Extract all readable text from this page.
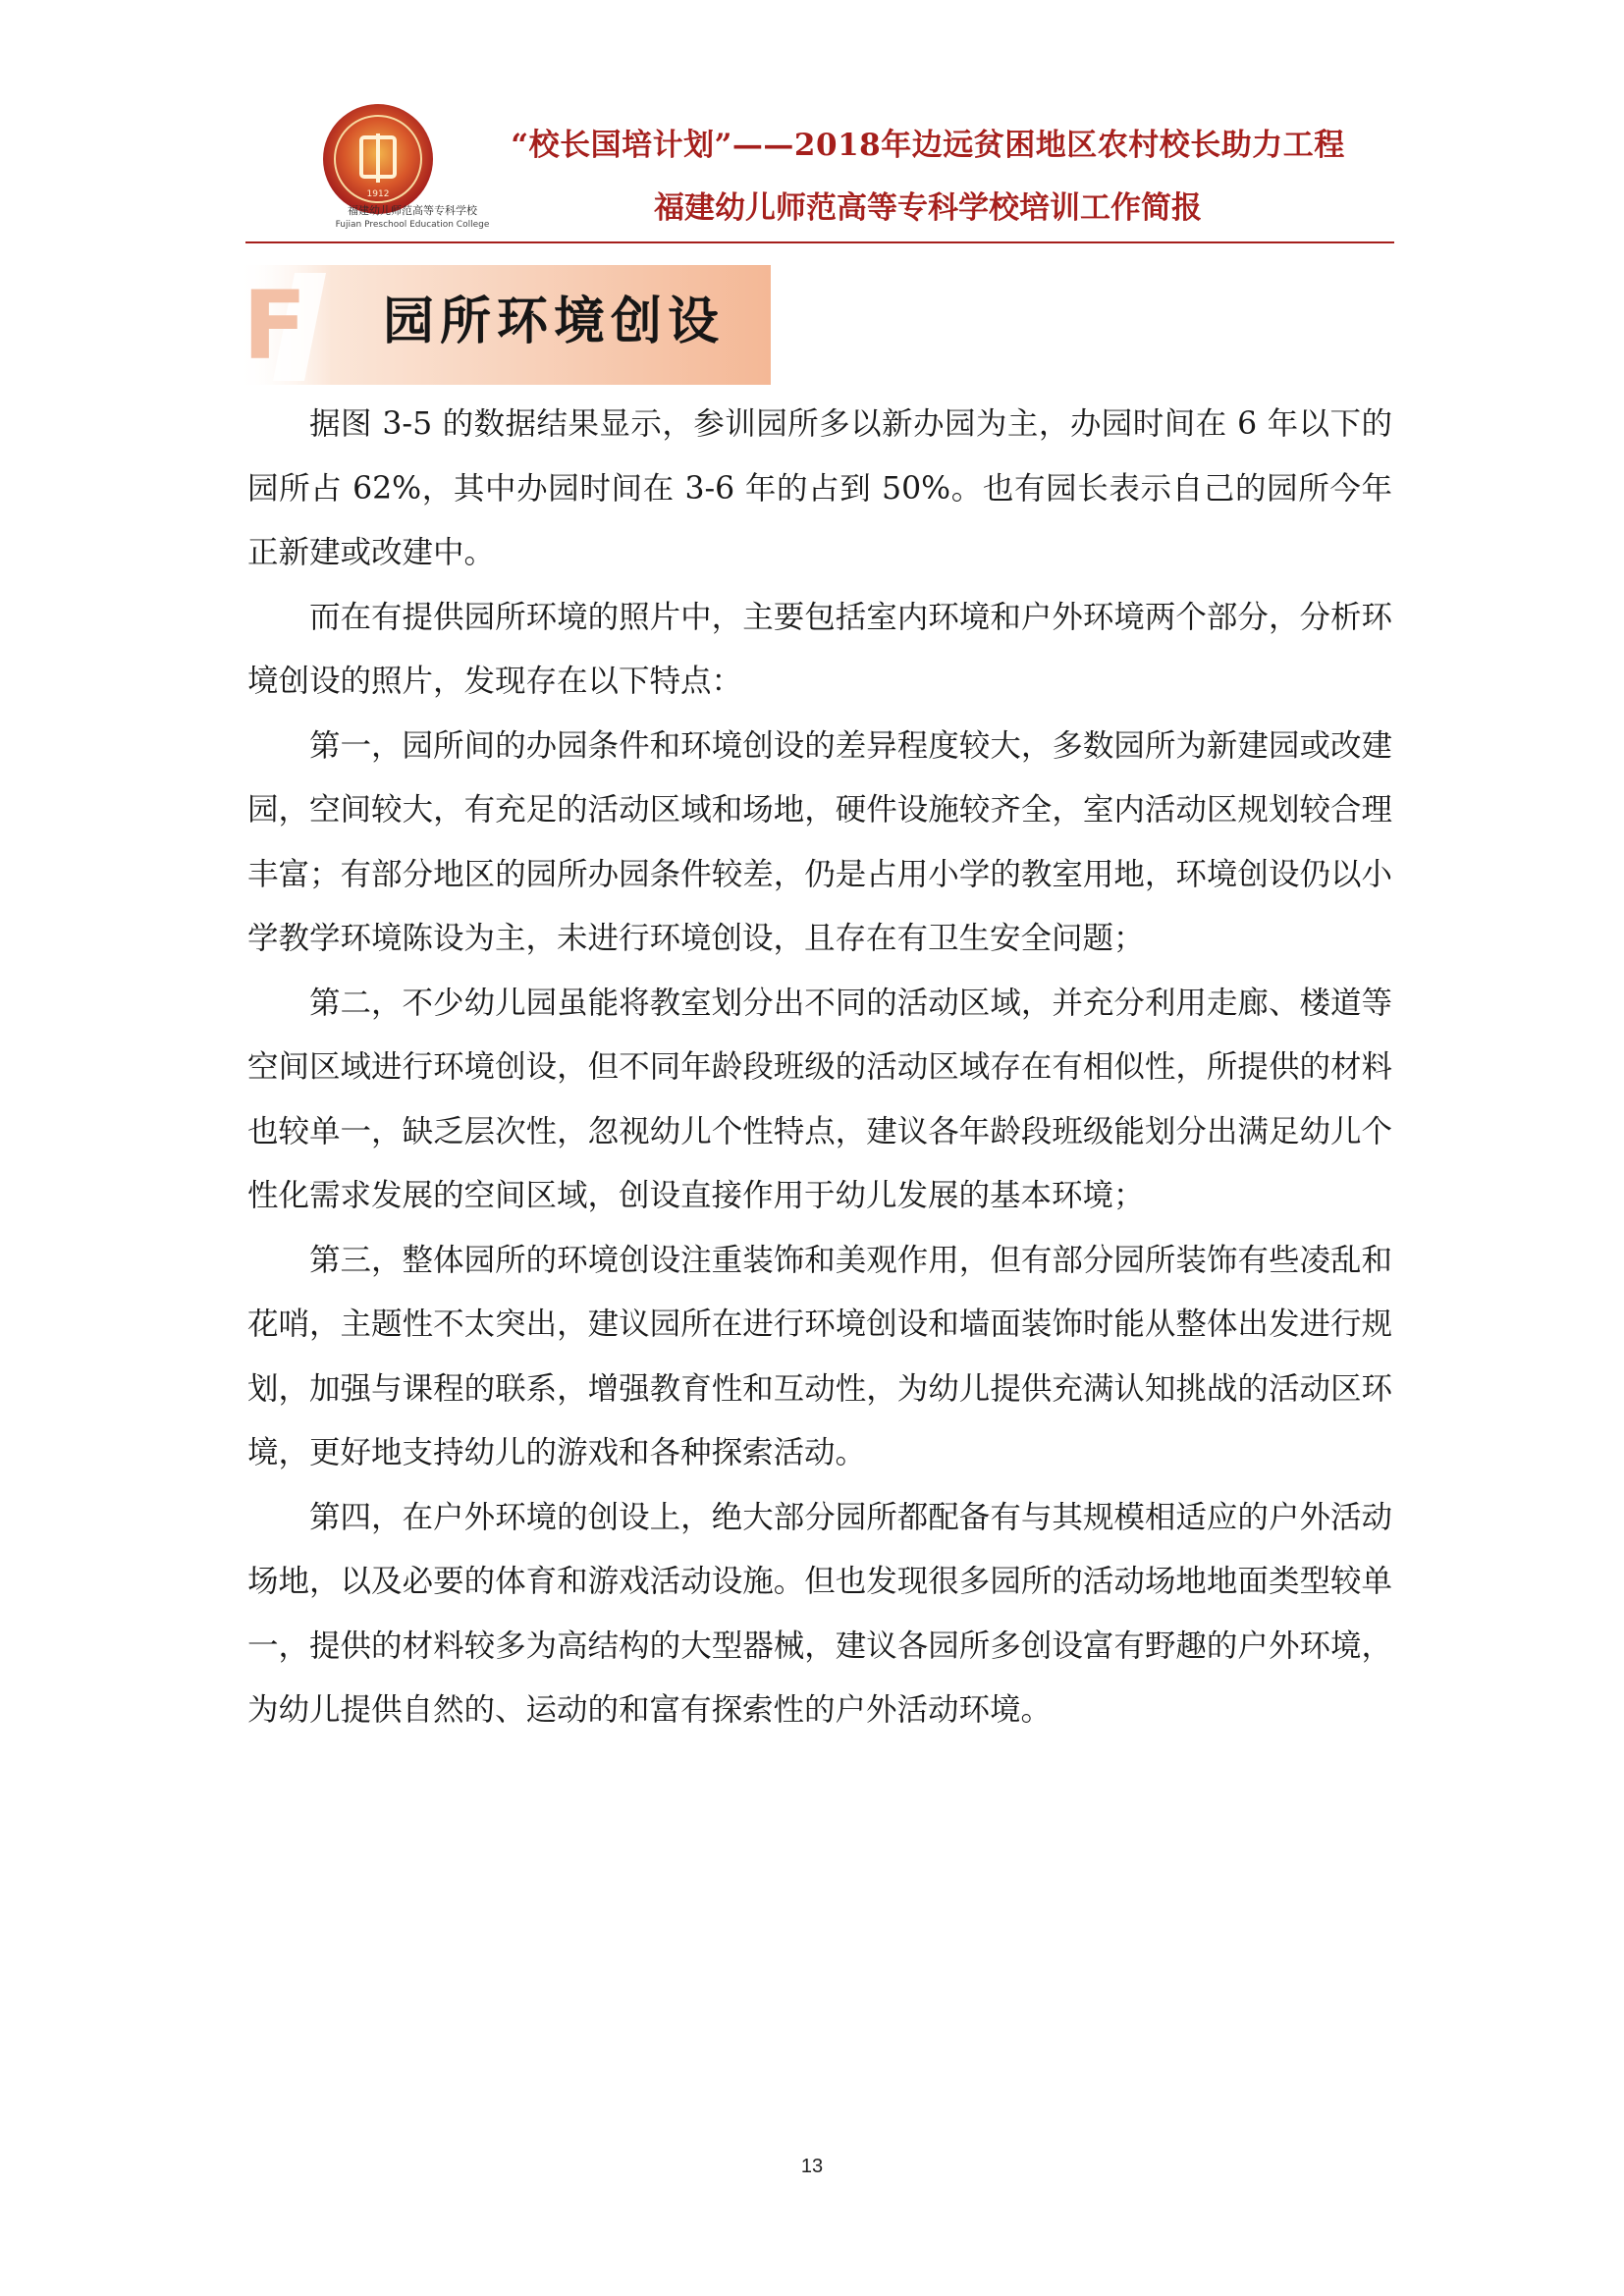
1912
福建幼儿师范高等专科学校
Fujian Preschool Education College
“校长国培计划”——2018年边远贫困地区农村校长助力工程
福建幼儿师范高等专科学校培训工作简报
F 园所环境创设

据图 3-5 的数据结果显示，参训园所多以新办园为主，办园时间在 6 年以下的园所占 62%，其中办园时间在 3-6 年的占到 50%。也有园长表示自己的园所今年正新建或改建中。

而在有提供园所环境的照片中，主要包括室内环境和户外环境两个部分，分析环境创设的照片，发现存在以下特点：

第一，园所间的办园条件和环境创设的差异程度较大，多数园所为新建园或改建园，空间较大，有充足的活动区域和场地，硬件设施较齐全，室内活动区规划较合理丰富；有部分地区的园所办园条件较差，仍是占用小学的教室用地，环境创设仍以小学教学环境陈设为主，未进行环境创设，且存在有卫生安全问题；

第二，不少幼儿园虽能将教室划分出不同的活动区域，并充分利用走廊、楼道等空间区域进行环境创设，但不同年龄段班级的活动区域存在有相似性，所提供的材料也较单一，缺乏层次性，忽视幼儿个性特点，建议各年龄段班级能划分出满足幼儿个性化需求发展的空间区域，创设直接作用于幼儿发展的基本环境；

第三，整体园所的环境创设注重装饰和美观作用，但有部分园所装饰有些凌乱和花哨，主题性不太突出，建议园所在进行环境创设和墙面装饰时能从整体出发进行规划，加强与课程的联系，增强教育性和互动性，为幼儿提供充满认知挑战的活动区环境，更好地支持幼儿的游戏和各种探索活动。

第四，在户外环境的创设上，绝大部分园所都配备有与其规模相适应的户外活动场地，以及必要的体育和游戏活动设施。但也发现很多园所的活动场地地面类型较单一，提供的材料较多为高结构的大型器械，建议各园所多创设富有野趣的户外环境，为幼儿提供自然的、运动的和富有探索性的户外活动环境。

13
